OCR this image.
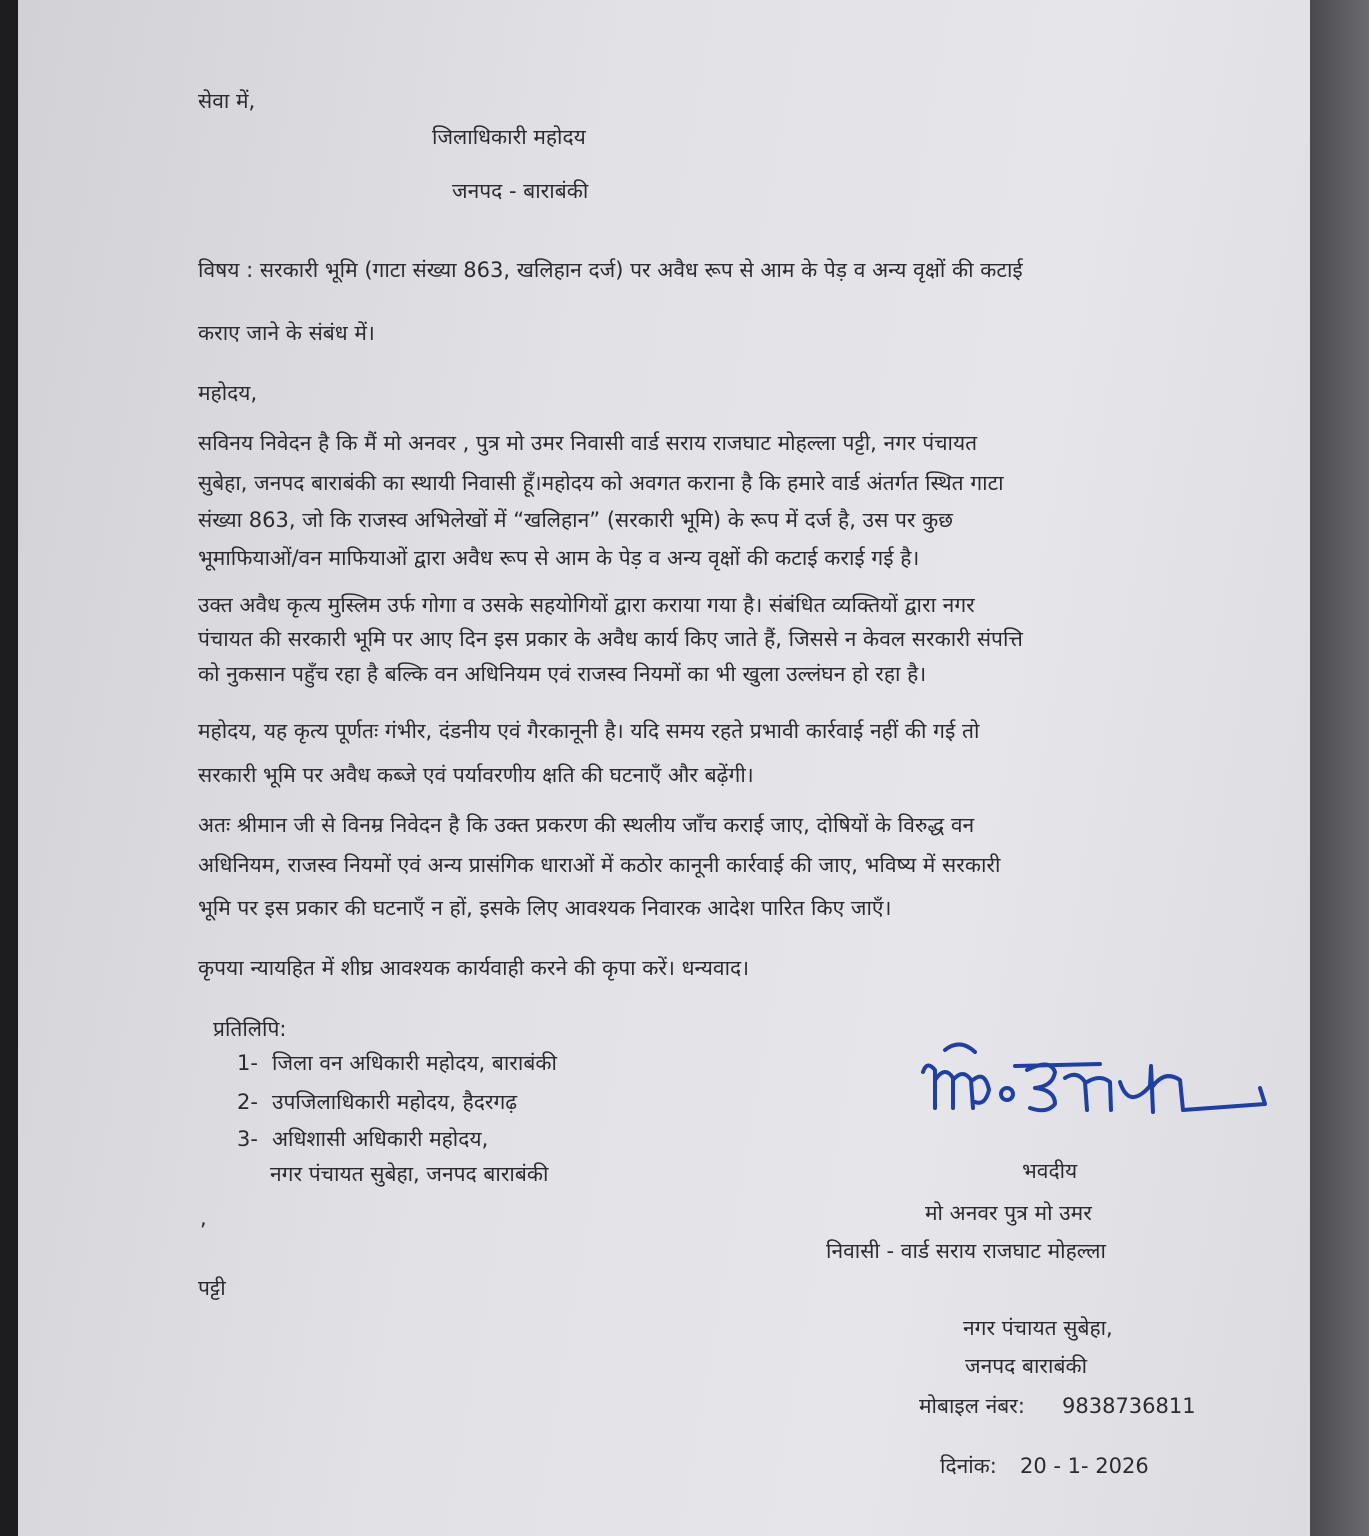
सेवा में,
जिलाधिकारी महोदय
जनपद - बाराबंकी
विषय : सरकारी भूमि (गाटा संख्या 863, खलिहान दर्ज) पर अवैध रूप से आम के पेड़ व अन्य वृक्षों की कटाई
कराए जाने के संबंध में।
महोदय,
सविनय निवेदन है कि मैं मो अनवर , पुत्र मो उमर निवासी वार्ड सराय राजघाट मोहल्ला पट्टी, नगर पंचायत
सुबेहा, जनपद बाराबंकी का स्थायी निवासी हूँ।महोदय को अवगत कराना है कि हमारे वार्ड अंतर्गत स्थित गाटा
संख्या 863, जो कि राजस्व अभिलेखों में “खलिहान” (सरकारी भूमि) के रूप में दर्ज है, उस पर कुछ
भूमाफियाओं/वन माफियाओं द्वारा अवैध रूप से आम के पेड़ व अन्य वृक्षों की कटाई कराई गई है।
उक्त अवैध कृत्य मुस्लिम उर्फ गोगा व उसके सहयोगियों द्वारा कराया गया है। संबंधित व्यक्तियों द्वारा नगर
पंचायत की सरकारी भूमि पर आए दिन इस प्रकार के अवैध कार्य किए जाते हैं, जिससे न केवल सरकारी संपत्ति
को नुकसान पहुँच रहा है बल्कि वन अधिनियम एवं राजस्व नियमों का भी खुला उल्लंघन हो रहा है।
महोदय, यह कृत्य पूर्णतः गंभीर, दंडनीय एवं गैरकानूनी है। यदि समय रहते प्रभावी कार्रवाई नहीं की गई तो
सरकारी भूमि पर अवैध कब्जे एवं पर्यावरणीय क्षति की घटनाएँ और बढ़ेंगी।
अतः श्रीमान जी से विनम्र निवेदन है कि उक्त प्रकरण की स्थलीय जाँच कराई जाए, दोषियों के विरुद्ध वन
अधिनियम, राजस्व नियमों एवं अन्य प्रासंगिक धाराओं में कठोर कानूनी कार्रवाई की जाए, भविष्य में सरकारी
भूमि पर इस प्रकार की घटनाएँ न हों, इसके लिए आवश्यक निवारक आदेश पारित किए जाएँ।
कृपया न्यायहित में शीघ्र आवश्यक कार्यवाही करने की कृपा करें। धन्यवाद।
प्रतिलिपि:
1- जिला वन अधिकारी महोदय, बाराबंकी
2- उपजिलाधिकारी महोदय, हैदरगढ़
3- अधिशासी अधिकारी महोदय,
नगर पंचायत सुबेहा, जनपद बाराबंकी
,
पट्टी
भवदीय
मो अनवर पुत्र मो उमर
निवासी - वार्ड सराय राजघाट मोहल्ला
नगर पंचायत सुबेहा,
जनपद बाराबंकी
मोबाइल नंबर: 9838736811
दिनांक: 20 - 1- 2026
